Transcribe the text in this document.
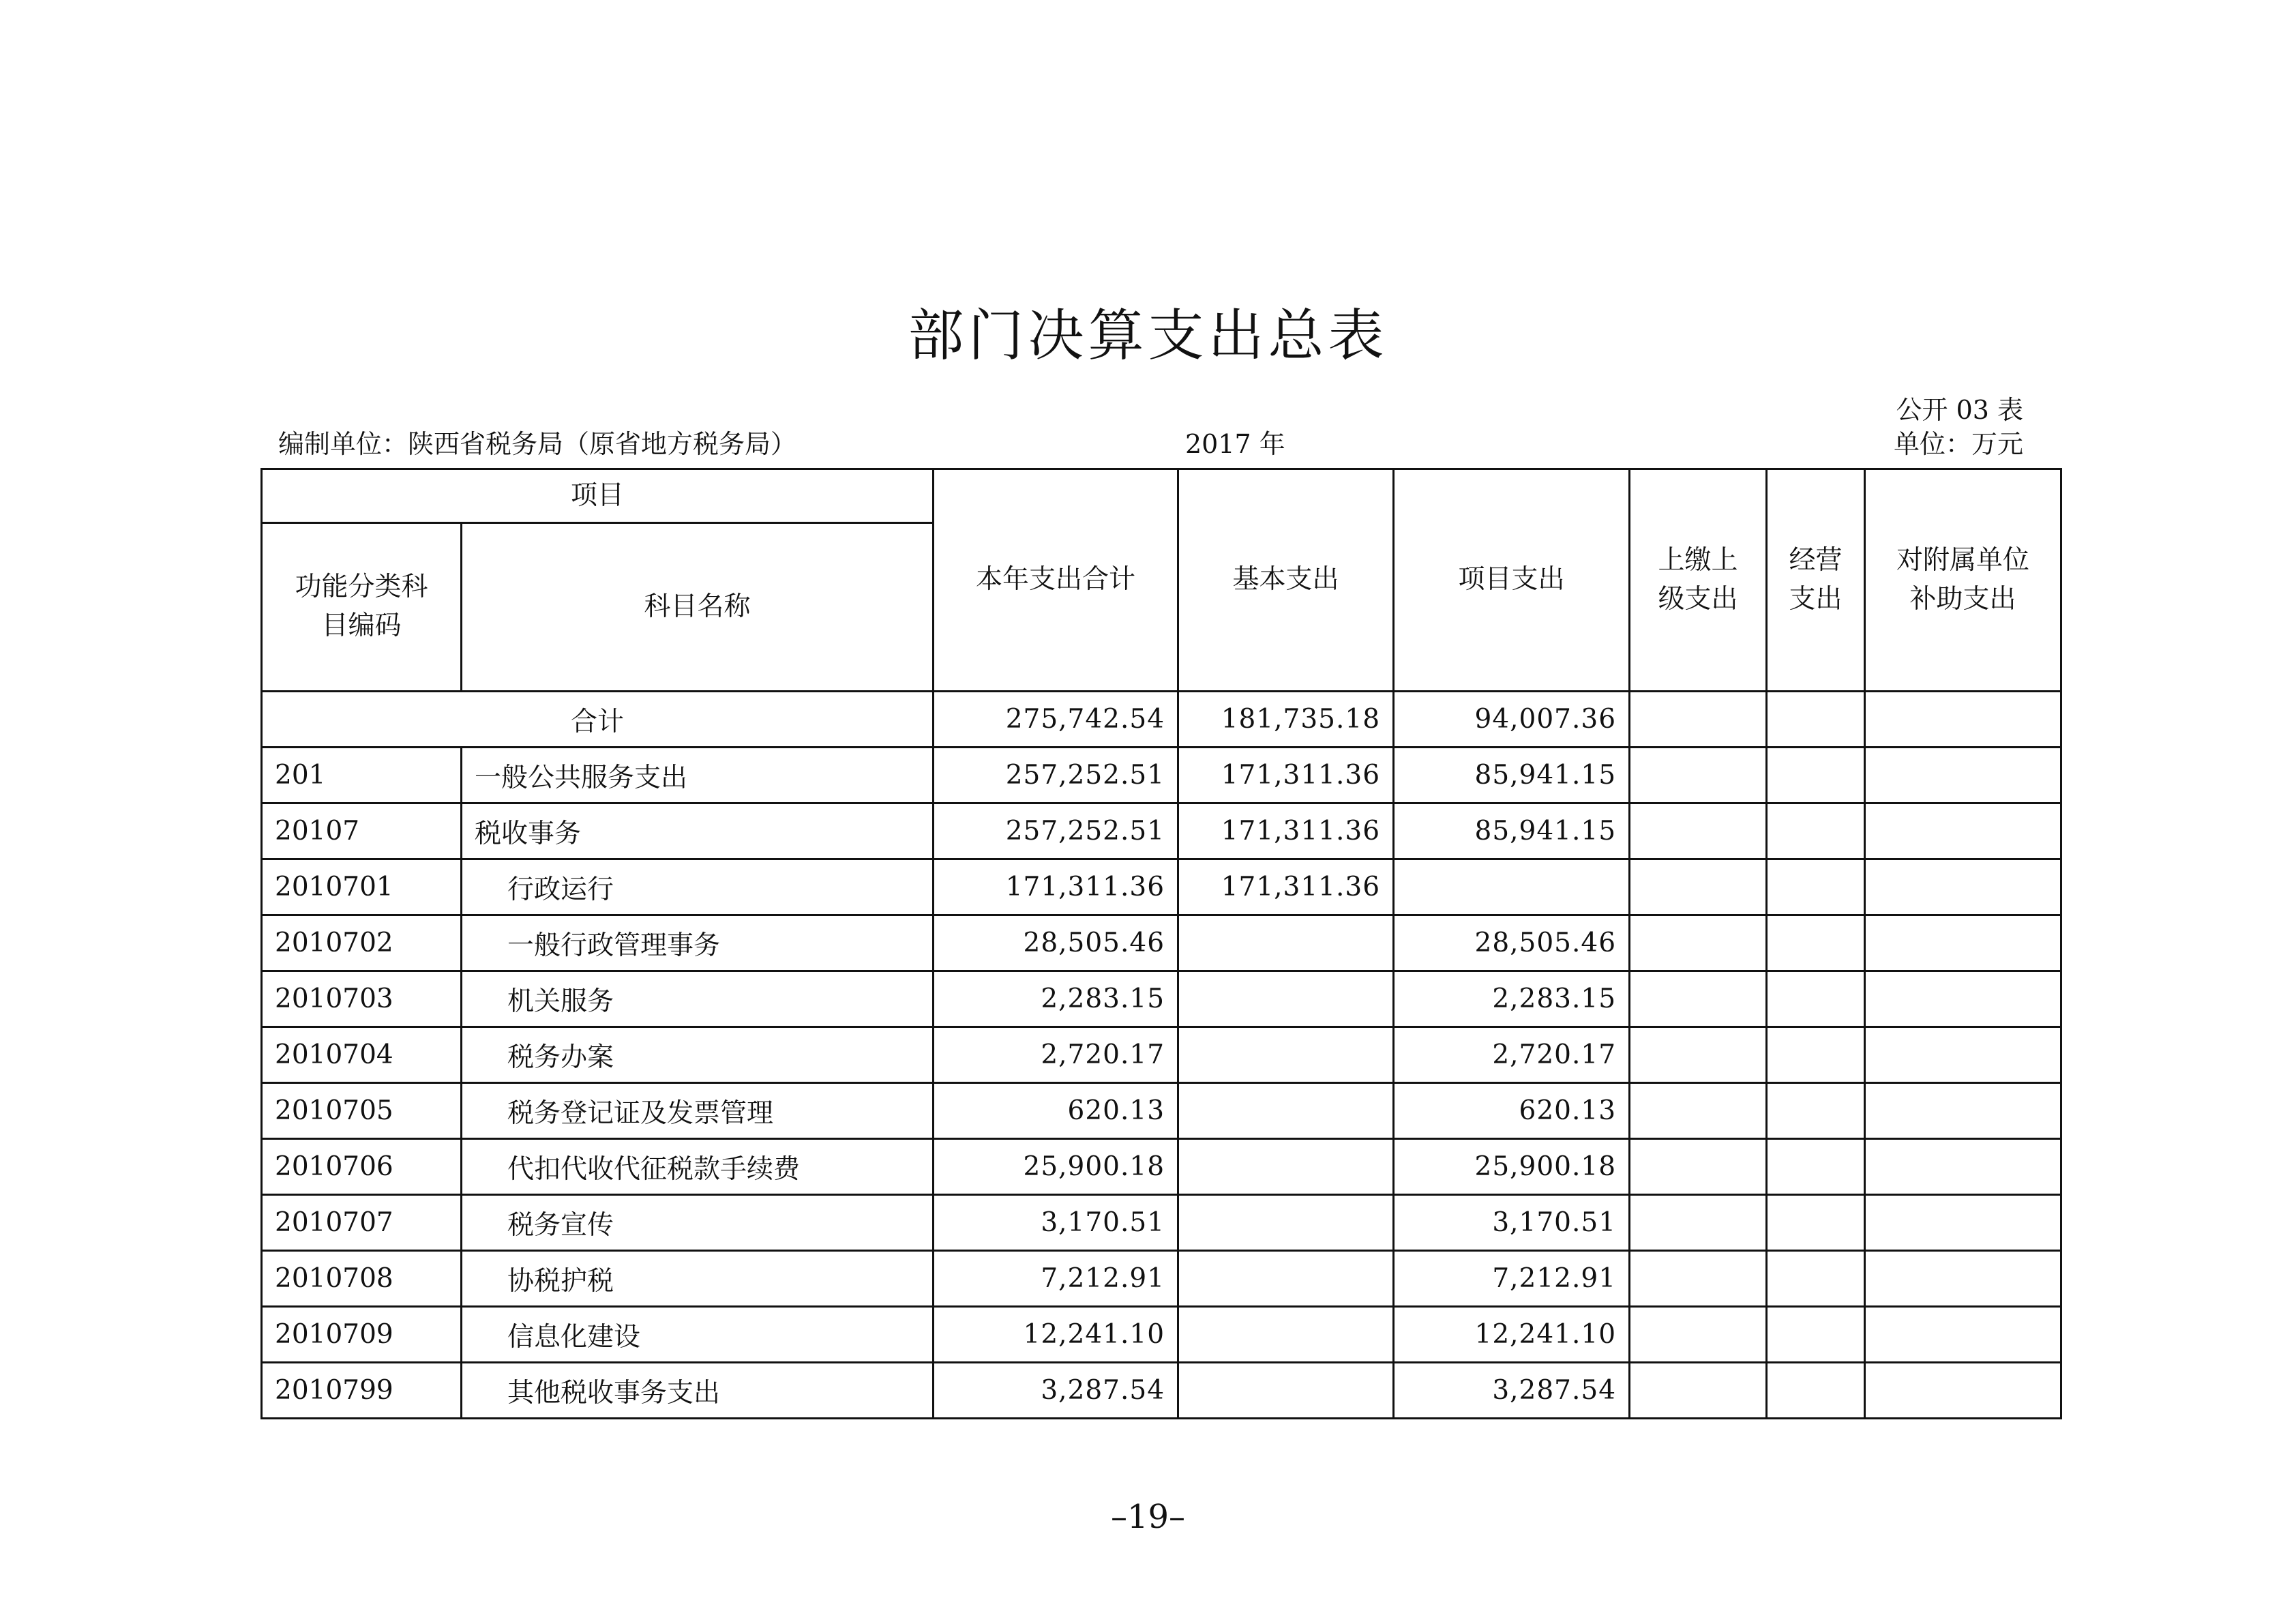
部门决算支出总表
公开 03 表
编制单位：陕西省税务局（原省地方税务局）	2017 年	单位：万元
项目		本年支出合计	基本支出	项目支出	上缴上级支出	经营支出	对附属单位补助支出
功能分类科目编码	科目名称						
合计		275,742.54	181,735.18	94,007.36			
201	一般公共服务支出	257,252.51	171,311.36	85,941.15			
20107	税收事务	257,252.51	171,311.36	85,941.15			
2010701	行政运行	171,311.36	171,311.36				
2010702	一般行政管理事务	28,505.46		28,505.46			
2010703	机关服务	2,283.15		2,283.15			
2010704	税务办案	2,720.17		2,720.17			
2010705	税务登记证及发票管理	620.13		620.13			
2010706	代扣代收代征税款手续费	25,900.18		25,900.18			
2010707	税务宣传	3,170.51		3,170.51			
2010708	协税护税	7,212.91		7,212.91			
2010709	信息化建设	12,241.10		12,241.10			
2010799	其他税收事务支出	3,287.54		3,287.54			
–19–
